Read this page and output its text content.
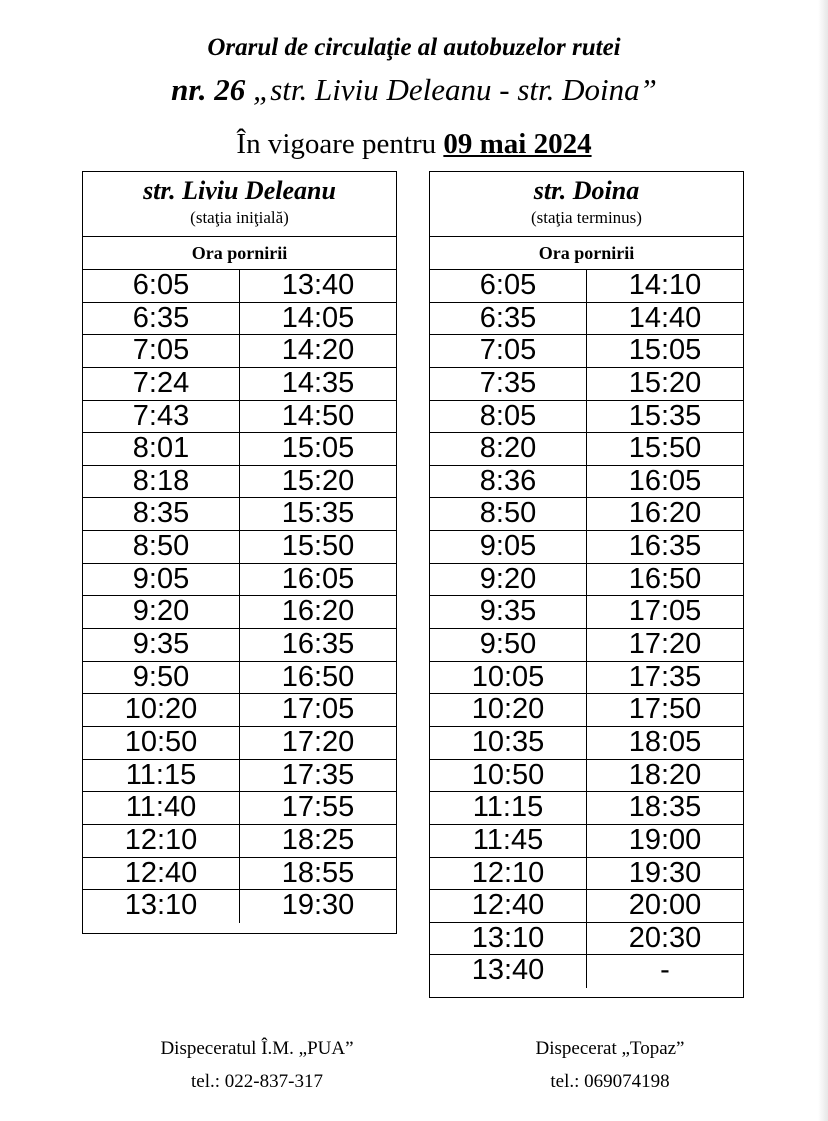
Orarul de circulaţie al autobuzelor rutei
nr. 26 „str. Liviu Deleanu - str. Doina”
În vigoare pentru 09 mai 2024
str. Liviu Deleanu
(staţia iniţială)
Ora pornirii
6:05	13:40
6:35	14:05
7:05	14:20
7:24	14:35
7:43	14:50
8:01	15:05
8:18	15:20
8:35	15:35
8:50	15:50
9:05	16:05
9:20	16:20
9:35	16:35
9:50	16:50
10:20	17:05
10:50	17:20
11:15	17:35
11:40	17:55
12:10	18:25
12:40	18:55
13:10	19:30
str. Doina
(staţia terminus)
Ora pornirii
6:05	14:10
6:35	14:40
7:05	15:05
7:35	15:20
8:05	15:35
8:20	15:50
8:36	16:05
8:50	16:20
9:05	16:35
9:20	16:50
9:35	17:05
9:50	17:20
10:05	17:35
10:20	17:50
10:35	18:05
10:50	18:20
11:15	18:35
11:45	19:00
12:10	19:30
12:40	20:00
13:10	20:30
13:40	-
Dispeceratul Î.M. „PUA”
tel.: 022-837-317
Dispecerat „Topaz”
tel.: 069074198
